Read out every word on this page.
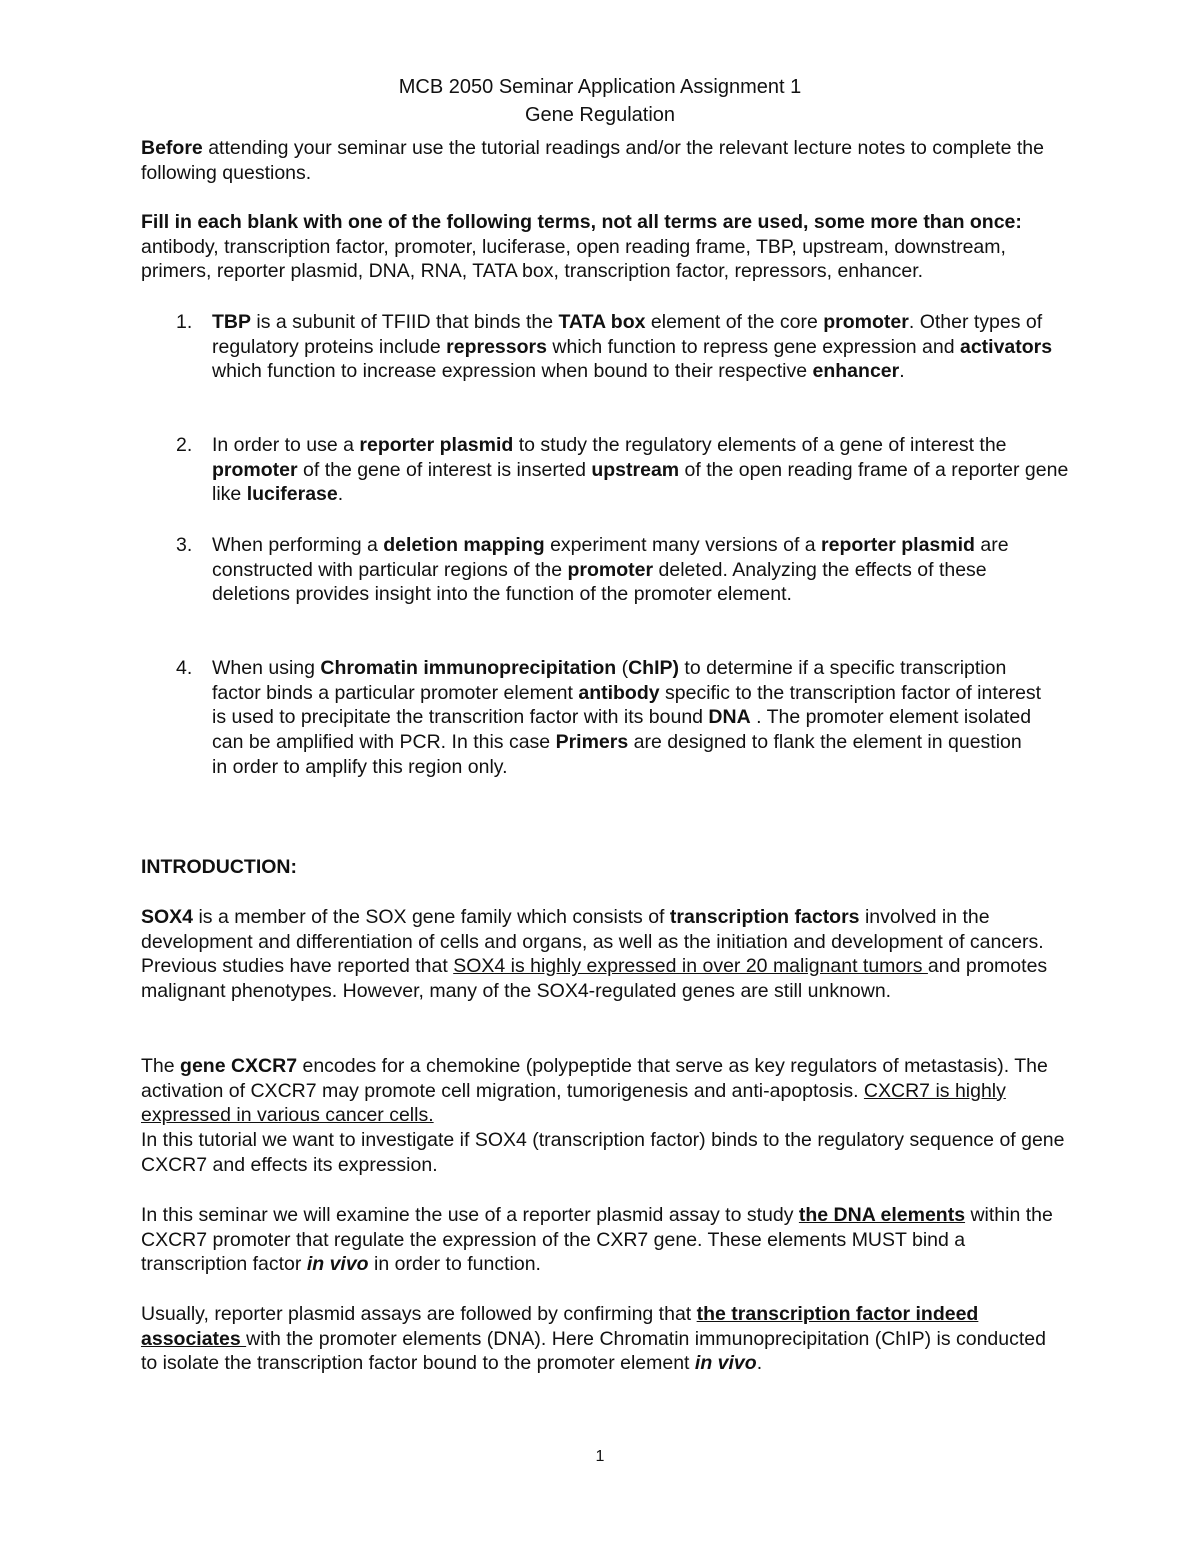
MCB 2050 Seminar Application Assignment 1
Gene Regulation
Before attending your seminar use the tutorial readings and/or the relevant lecture notes to complete the following questions.
Fill in each blank with one of the following terms, not all terms are used, some more than once: antibody, transcription factor, promoter, luciferase, open reading frame, TBP, upstream, downstream, primers, reporter plasmid, DNA, RNA, TATA box, transcription factor, repressors, enhancer.
1. TBP is a subunit of TFIID that binds the TATA box element of the core promoter. Other types of regulatory proteins include repressors which function to repress gene expression and activators which function to increase expression when bound to their respective enhancer.
2. In order to use a reporter plasmid to study the regulatory elements of a gene of interest the promoter of the gene of interest is inserted upstream of the open reading frame of a reporter gene like luciferase.
3. When performing a deletion mapping experiment many versions of a reporter plasmid are constructed with particular regions of the promoter deleted. Analyzing the effects of these deletions provides insight into the function of the promoter element.
4. When using Chromatin immunoprecipitation (ChIP) to determine if a specific transcription factor binds a particular promoter element antibody specific to the transcription factor of interest is used to precipitate the transcrition factor with its bound DNA . The promoter element isolated can be amplified with PCR. In this case Primers are designed to flank the element in question in order to amplify this region only.
INTRODUCTION:
SOX4 is a member of the SOX gene family which consists of transcription factors involved in the development and differentiation of cells and organs, as well as the initiation and development of cancers. Previous studies have reported that SOX4 is highly expressed in over 20 malignant tumors and promotes malignant phenotypes. However, many of the SOX4-regulated genes are still unknown.
The gene CXCR7 encodes for a chemokine (polypeptide that serve as key regulators of metastasis). The activation of CXCR7 may promote cell migration, tumorigenesis and anti-apoptosis. CXCR7 is highly expressed in various cancer cells.
In this tutorial we want to investigate if SOX4 (transcription factor) binds to the regulatory sequence of gene CXCR7 and effects its expression.
In this seminar we will examine the use of a reporter plasmid assay to study the DNA elements within the CXCR7 promoter that regulate the expression of the CXR7 gene. These elements MUST bind a transcription factor in vivo in order to function.
Usually, reporter plasmid assays are followed by confirming that the transcription factor indeed associates with the promoter elements (DNA). Here Chromatin immunoprecipitation (ChIP) is conducted to isolate the transcription factor bound to the promoter element in vivo.
1
